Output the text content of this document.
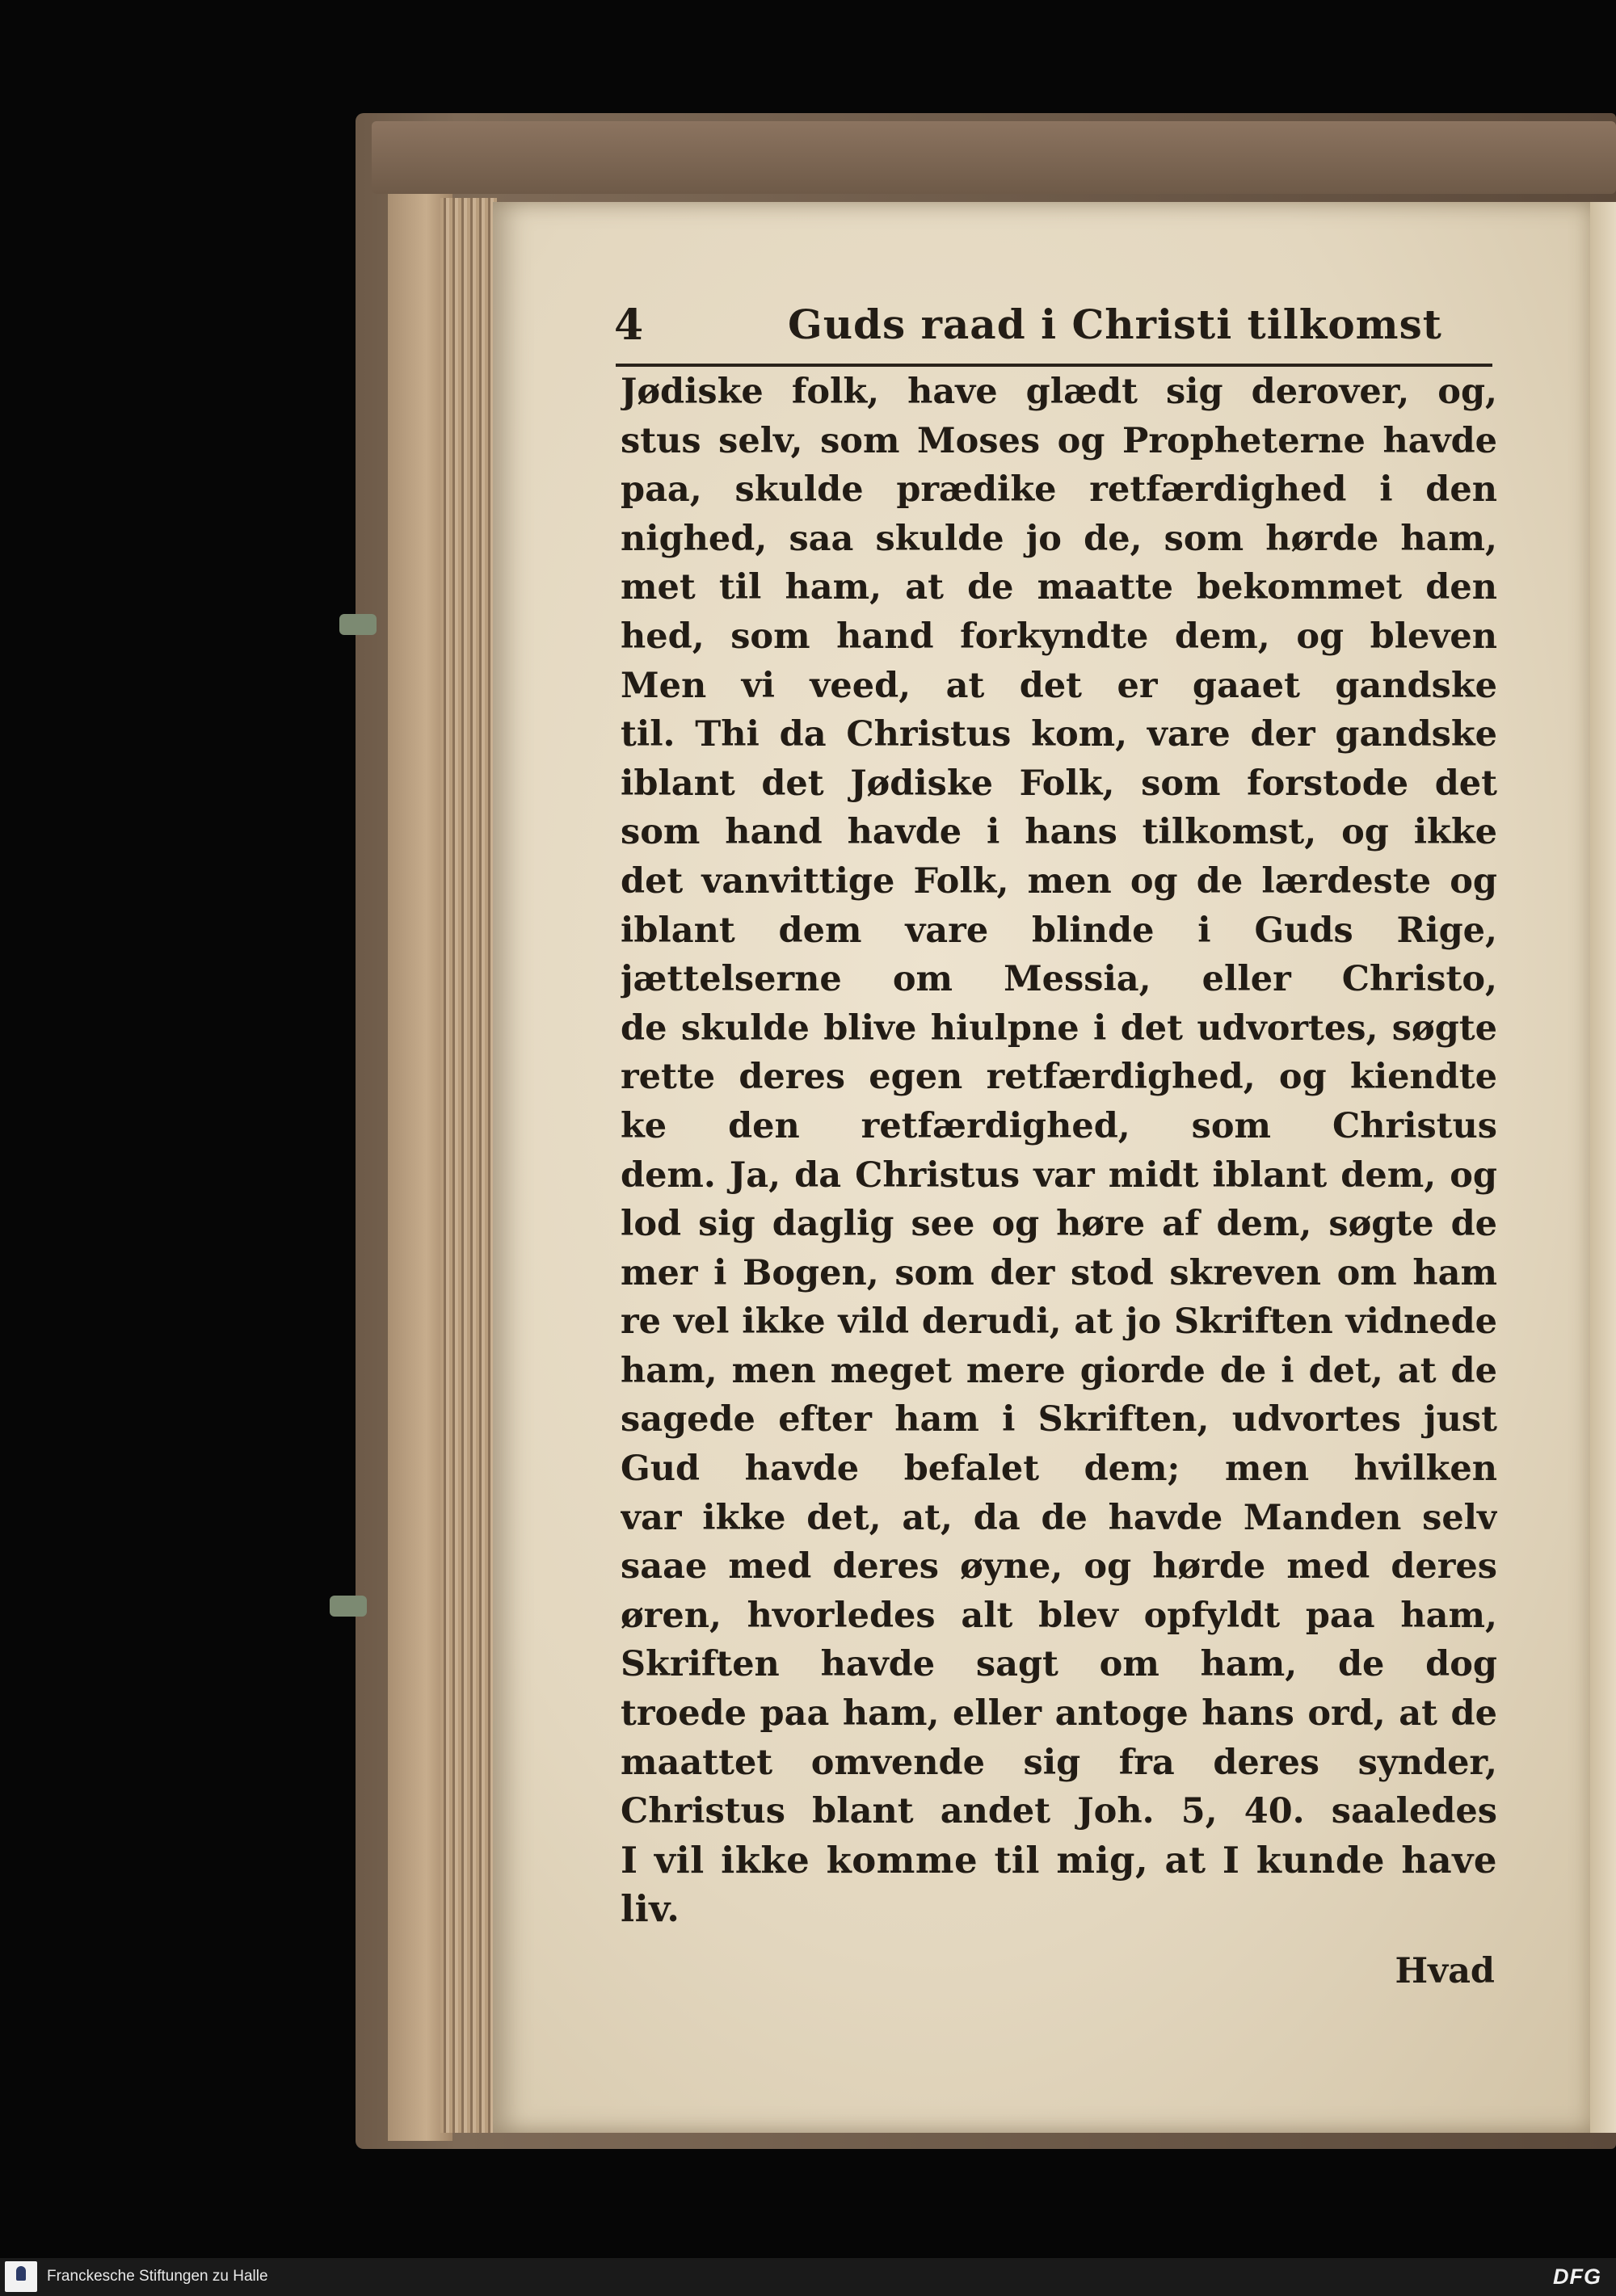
4	Guds raad i Christi tilkomst
Jødiske folk, have glædt sig derover, og,
stus selv, som Moses og Propheterne havde
paa, skulde prædike retfærdighed i den
nighed, saa skulde jo de, som hørde ham,
met til ham, at de maatte bekommet den
hed, som hand forkyndte dem, og bleven
Men vi veed, at det er gaaet gandske
til. Thi da Christus kom, vare der gandske
iblant det Jødiske Folk, som forstode det
som hand havde i hans tilkomst, og ikke
det vanvittige Folk, men og de lærdeste og
iblant dem vare blinde i Guds Rige,
jættelserne om Messia, eller Christo,
de skulde blive hiulpne i det udvortes, søgte
rette deres egen retfærdighed, og kiendte
ke den retfærdighed, som Christus
dem. Ja, da Christus var midt iblant dem, og
lod sig daglig see og høre af dem, søgte de
mer i Bogen, som der stod skreven om ham
re vel ikke vild derudi, at jo Skriften vidnede
ham, men meget mere giorde de i det, at de
sagede efter ham i Skriften, udvortes just
Gud havde befalet dem; men hvilken
var ikke det, at, da de havde Manden selv
saae med deres øyne, og hørde med deres
øren, hvorledes alt blev opfyldt paa ham,
Skriften havde sagt om ham, de dog
troede paa ham, eller antoge hans ord, at de
maattet omvende sig fra deres synder,
Christus blant andet Joh. 5, 40. saaledes
I vil ikke komme til mig, at I kunde have
liv.
Hvad
Franckesche Stiftungen zu Halle	DFG
